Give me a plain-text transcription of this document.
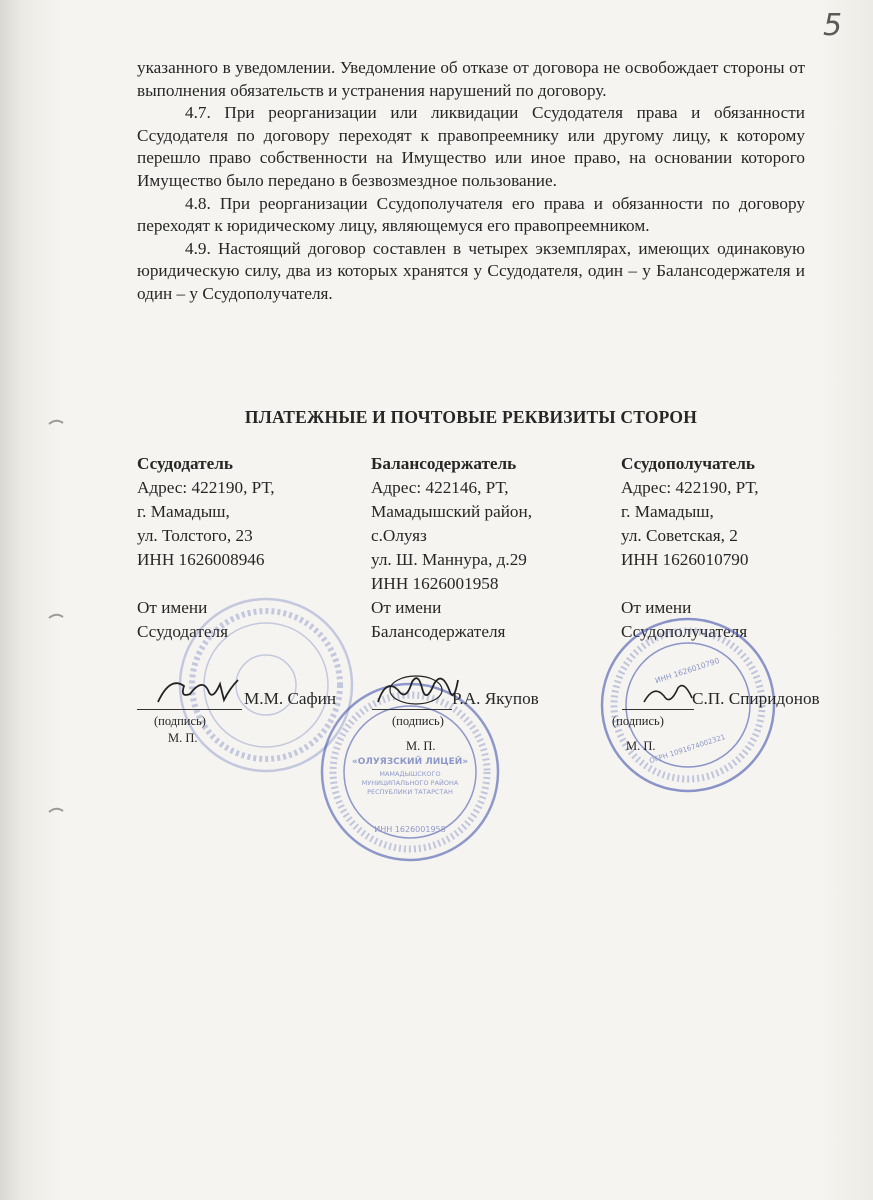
5

указанного в уведомлении. Уведомление об отказе от договора не освобождает стороны от выполнения обязательств и устранения нарушений по договору.

4.7. При реорганизации или ликвидации Ссудодателя права и обязанности Ссудодателя по договору переходят к правопреемнику или другому лицу, к которому перешло право собственности на Имущество или иное право, на основании которого Имущество было передано в безвозмездное пользование.

4.8. При реорганизации Ссудополучателя его права и обязанности по договору переходят к юридическому лицу, являющемуся его правопреемником.

4.9. Настоящий договор составлен в четырех экземплярах, имеющих одинаковую юридическую силу, два из которых хранятся у Ссудодателя, один – у Балансодержателя и один – у Ссудополучателя.

ПЛАТЕЖНЫЕ И ПОЧТОВЫЕ РЕКВИЗИТЫ СТОРОН
Ссудодатель
Адрес: 422190, РТ,
г. Мамадыш,
ул. Толстого, 23
ИНН 1626008946
От имени
Ссудодателя
Балансодержатель
Адрес: 422146, РТ,
Мамадышский район,
с.Олуяз
ул. Ш. Маннура, д.29
ИНН 1626001958
От имени
Балансодержателя
Ссудополучатель
Адрес: 422190, РТ,
г. Мамадыш,
ул. Советская, 2
ИНН 1626010790
От имени
Ссудополучателя
«ОЛУЯЗСКИЙ ЛИЦЕЙ»
МАМАДЫШСКОГО
МУНИЦИПАЛЬНОГО РАЙОНА
РЕСПУБЛИКИ ТАТАРСТАН
ИНН 1626001958
ИНН 1626010790
ОГРН 1091674002321
М.М. Сафин
(подпись)
М. П.
Р.А. Якупов
(подпись)
М. П.
С.П. Спиридонов
(подпись)
М. П.
